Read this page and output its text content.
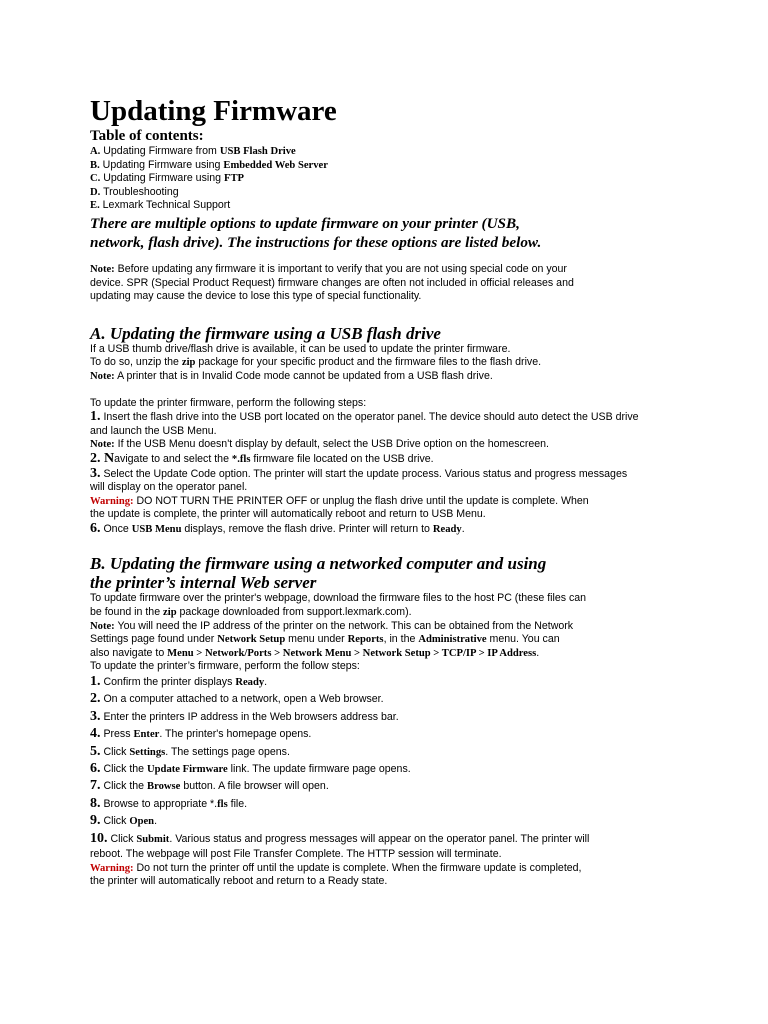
Updating Firmware
Table of contents:
A. Updating Firmware from USB Flash Drive
B. Updating Firmware using Embedded Web Server
C. Updating Firmware using FTP
D. Troubleshooting
E. Lexmark Technical Support
There are multiple options to update firmware on your printer (USB,
network, flash drive). The instructions for these options are listed below.
Note: Before updating any firmware it is important to verify that you are not using special code on your
device. SPR (Special Product Request) firmware changes are often not included in official releases and
updating may cause the device to lose this type of special functionality.
A. Updating the firmware using a USB flash drive
If a USB thumb drive/flash drive is available, it can be used to update the printer firmware.
To do so, unzip the zip package for your specific product and the firmware files to the flash drive.
Note: A printer that is in Invalid Code mode cannot be updated from a USB flash drive.
To update the printer firmware, perform the following steps:
1. Insert the flash drive into the USB port located on the operator panel. The device should auto detect the USB drive
and launch the USB Menu.
Note: If the USB Menu doesn't display by default, select the USB Drive option on the homescreen.
2. Navigate to and select the *.fls firmware file located on the USB drive.
3. Select the Update Code option. The printer will start the update process. Various status and progress messages
will display on the operator panel.
Warning: DO NOT TURN THE PRINTER OFF or unplug the flash drive until the update is complete. When
the update is complete, the printer will automatically reboot and return to USB Menu.
6. Once USB Menu displays, remove the flash drive. Printer will return to Ready.
B. Updating the firmware using a networked computer and using
the printer’s internal Web server
To update firmware over the printer's webpage, download the firmware files to the host PC (these files can
be found in the zip package downloaded from support.lexmark.com).
Note: You will need the IP address of the printer on the network. This can be obtained from the Network
Settings page found under Network Setup menu under Reports, in the Administrative menu. You can
also navigate to Menu > Network/Ports > Network Menu > Network Setup > TCP/IP > IP Address.
To update the printer’s firmware, perform the follow steps:
1. Confirm the printer displays Ready.
2. On a computer attached to a network, open a Web browser.
3. Enter the printers IP address in the Web browsers address bar.
4. Press Enter. The printer's homepage opens.
5. Click Settings. The settings page opens.
6. Click the Update Firmware link. The update firmware page opens.
7. Click the Browse button. A file browser will open.
8. Browse to appropriate *.fls file.
9. Click Open.
10. Click Submit. Various status and progress messages will appear on the operator panel. The printer will
reboot. The webpage will post File Transfer Complete. The HTTP session will terminate.
Warning: Do not turn the printer off until the update is complete. When the firmware update is completed,
the printer will automatically reboot and return to a Ready state.
